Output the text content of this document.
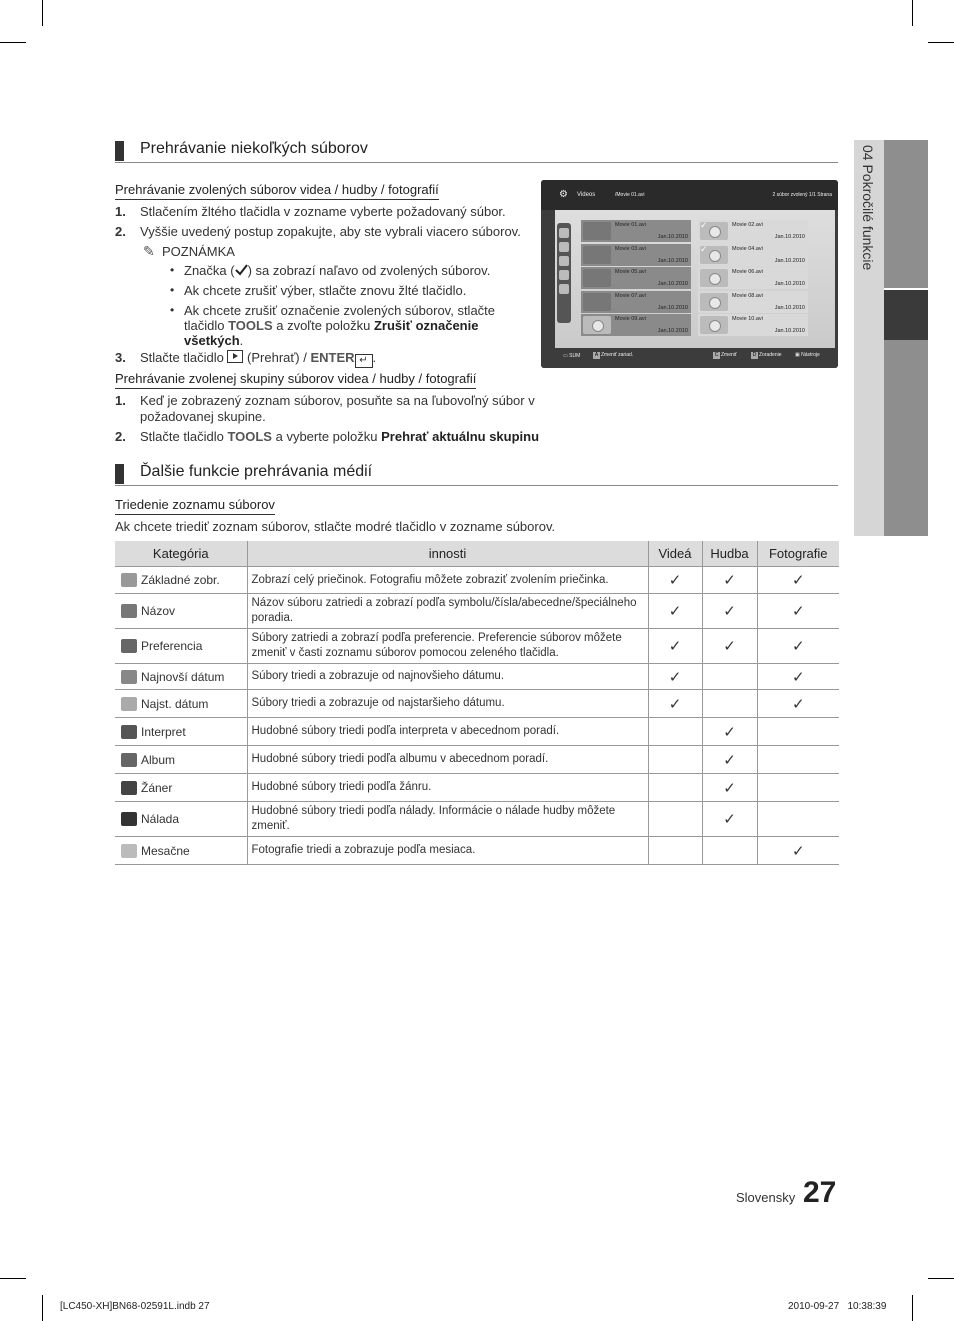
04 Pokročilé funkcie
Prehrávanie niekoľkých súborov
Prehrávanie zvolených súborov videa / hudby / fotografií
1. Stlačením žltého tlačidla v zozname vyberte požadovaný súbor.
2. Vyššie uvedený postup zopakujte, aby ste vybrali viacero súborov.
✎ POZNÁMKA
• Značka ( ) sa zobrazí naľavo od zvolených súborov.
• Ak chcete zrušiť výber, stlačte znovu žlté tlačidlo.
• Ak chcete zrušiť označenie zvolených súborov, stlačte
tlačidlo TOOLS a zvoľte položku Zrušiť označenie
všetkých.
3. Stlačte tlačidlo  (Prehrať) / ENTER ↵ .
Prehrávanie zvolenej skupiny súborov videa / hudby / fotografií
1. Keď je zobrazený zoznam súborov, posuňte sa na ľubovoľný súbor v
požadovanej skupine.
2. Stlačte tlačidlo TOOLS a vyberte položku Prehrať aktuálnu skupinu
⚙ Videos	/Movie 01.avi	2 súbor zvolený 1/1 Strana
Movie 01.avi
Jan.10.2010
✓	Movie 02.avi
Jan.10.2010
Movie 03.avi
Jan.10.2010
✓	Movie 04.avi
Jan.10.2010
Movie 05.avi
Jan.10.2010
Movie 06.avi
Jan.10.2010
Movie 07.avi
Jan.10.2010
Movie 08.avi
Jan.10.2010
Movie 09.avi
Jan.10.2010
Movie 10.avi
Jan.10.2010
▭ SUM	A Zmeniť zariad.	C Zmeniť	D Zoradenie	▣ Nástroje
Ďalšie funkcie prehrávania médií
Triedenie zoznamu súborov
Ak chcete triediť zoznam súborov, stlačte modré tlačidlo v zozname súborov.
Kategória	innosti	Videá	Hudba	Fotografie
Základné zobr.	Zobrazí celý priečinok. Fotografiu môžete zobraziť zvolením priečinka.	✓	✓	✓
Názov	Názov súboru zatriedi a zobrazí podľa symbolu/čísla/abecedne/špeciálneho poradia.	✓	✓	✓
Preferencia	Súbory zatriedi a zobrazí podľa preferencie. Preferencie súborov môžete zmeniť v časti zoznamu súborov pomocou zeleného tlačidla.	✓	✓	✓
Najnovší dátum	Súbory triedi a zobrazuje od najnovšieho dátumu.	✓		✓
Najst. dátum	Súbory triedi a zobrazuje od najstaršieho dátumu.	✓		✓
Interpret	Hudobné súbory triedi podľa interpreta v abecednom poradí.		✓	
Album	Hudobné súbory triedi podľa albumu v abecednom poradí.		✓	
Žáner	Hudobné súbory triedi podľa žánru.		✓	
Nálada	Hudobné súbory triedi podľa nálady. Informácie o nálade hudby môžete zmeniť.		✓	
Mesačne	Fotografie triedi a zobrazuje podľa mesiaca.			✓
Slovensky 27
[LC450-XH]BN68-02591L.indb 27	2010-09-27   10:38:39
